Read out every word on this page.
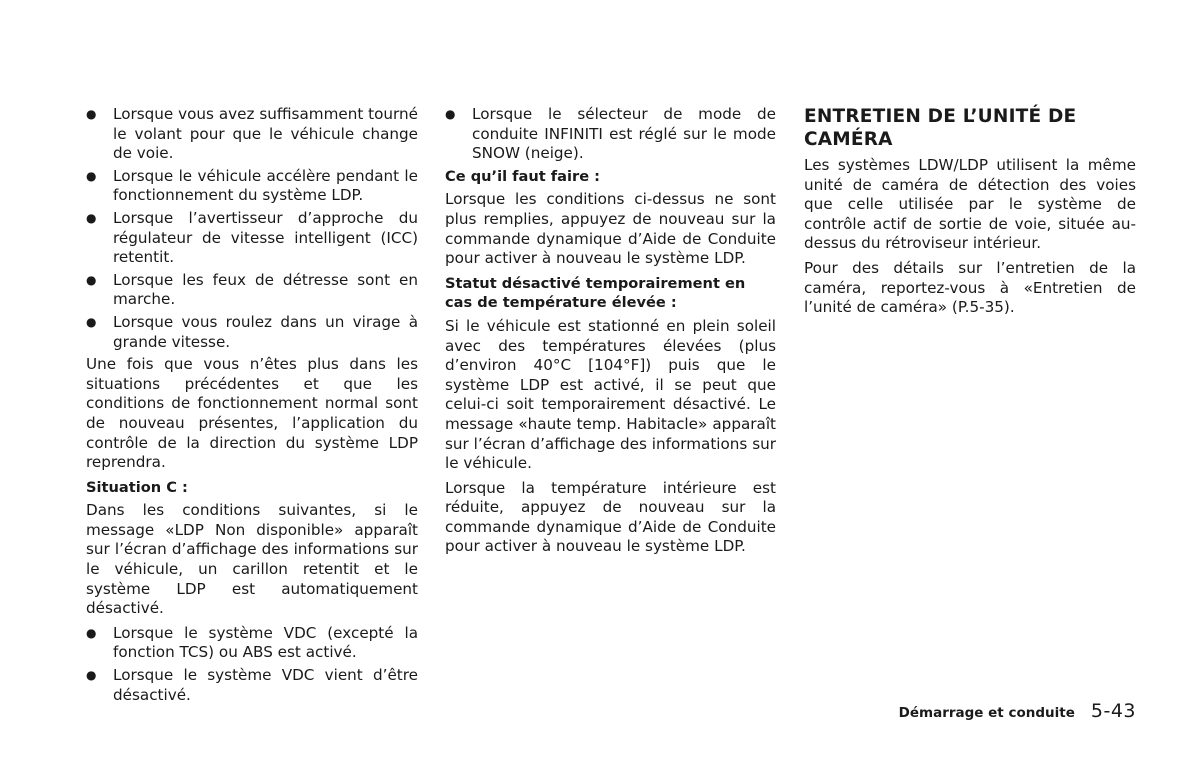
●	Lorsque vous avez suffisamment tourné le volant pour que le véhicule change de voie.
●	Lorsque le véhicule accélère pendant le fonctionnement du système LDP.
●	Lorsque l’avertisseur d’approche du régulateur de vitesse intelligent (ICC) retentit.
●	Lorsque les feux de détresse sont en marche.
●	Lorsque vous roulez dans un virage à grande vitesse.

Une fois que vous n’êtes plus dans les situations précédentes et que les conditions de fonctionnement normal sont de nouveau présentes, l’application du contrôle de la direction du système LDP reprendra.

Situation C :

Dans les conditions suivantes, si le message «LDP Non disponible» apparaît sur l’écran d’affichage des informations sur le véhicule, un carillon retentit et le système LDP est automatiquement désactivé.

●	Lorsque le système VDC (excepté la fonction TCS) ou ABS est activé.
●	Lorsque le système VDC vient d’être désactivé.
●	Lorsque le sélecteur de mode de conduite INFINITI est réglé sur le mode SNOW (neige).

Ce qu’il faut faire :

Lorsque les conditions ci-dessus ne sont plus remplies, appuyez de nouveau sur la commande dynamique d’Aide de Conduite pour activer à nouveau le système LDP.

Statut désactivé temporairement en cas de température élevée :

Si le véhicule est stationné en plein soleil avec des températures élevées (plus d’environ 40°C [104°F]) puis que le système LDP est activé, il se peut que celui-ci soit temporairement désactivé. Le message «haute temp. Habitacle» apparaît sur l’écran d’affichage des informations sur le véhicule.

Lorsque la température intérieure est réduite, appuyez de nouveau sur la commande dynamique d’Aide de Conduite pour activer à nouveau le système LDP.

ENTRETIEN DE L’UNITÉ DE CAMÉRA

Les systèmes LDW/LDP utilisent la même unité de caméra de détection des voies que celle utilisée par le système de contrôle actif de sortie de voie, située au-dessus du rétroviseur intérieur.

Pour des détails sur l’entretien de la caméra, reportez-vous à «Entretien de l’unité de caméra» (P.5-35).

Démarrage et conduite 5-43
